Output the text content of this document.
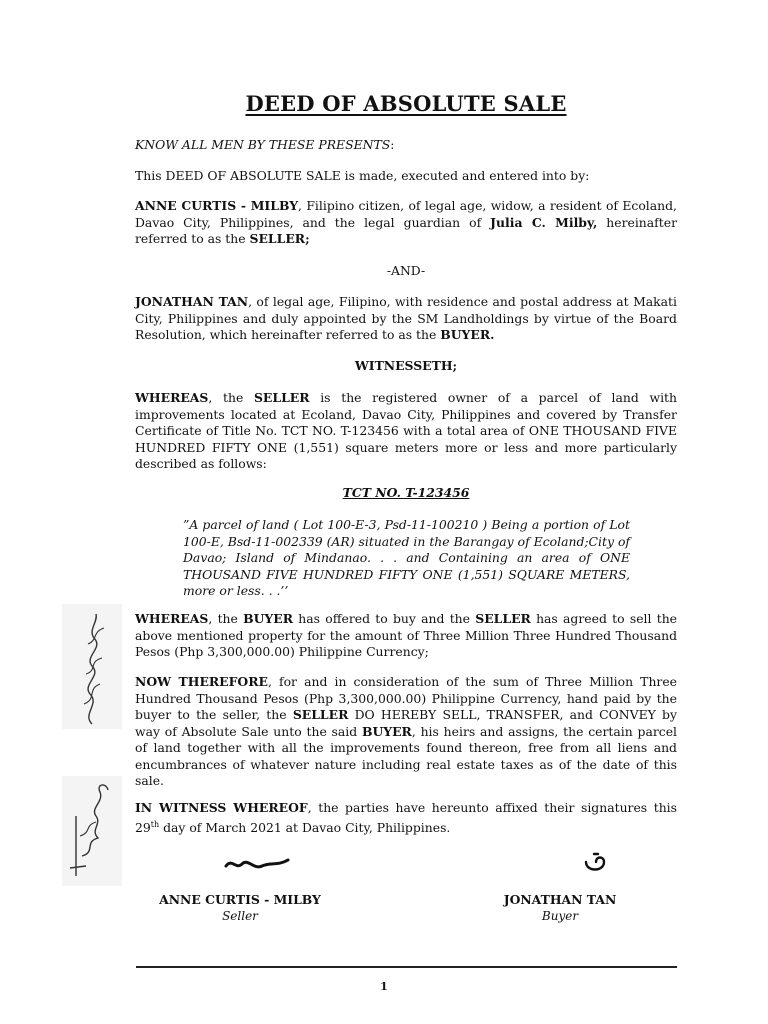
DEED OF ABSOLUTE SALE

KNOW ALL MEN BY THESE PRESENTS:

This DEED OF ABSOLUTE SALE is made, executed and entered into by:

ANNE CURTIS - MILBY, Filipino citizen, of legal age, widow, a resident of Ecoland, Davao City, Philippines, and the legal guardian of Julia C. Milby, hereinafter referred to as the SELLER;

-AND-

JONATHAN TAN, of legal age, Filipino, with residence and postal address at Makati City, Philippines and duly appointed by the SM Landholdings by virtue of the Board Resolution, which hereinafter referred to as the BUYER.

WITNESSETH;

WHEREAS, the SELLER is the registered owner of a parcel of land with improvements located at Ecoland, Davao City, Philippines and covered by Transfer Certificate of Title No. TCT NO. T-123456 with a total area of ONE THOUSAND FIVE HUNDRED FIFTY ONE (1,551) square meters more or less and more particularly described as follows:

TCT NO. T-123456

”A parcel of land ( Lot 100-E-3, Psd-11-100210 ) Being a portion of Lot 100-E, Bsd-11-002339 (AR) situated in the Barangay of Ecoland;City of Davao; Island of Mindanao. . . and Containing an area of ONE THOUSAND FIVE HUNDRED FIFTY ONE (1,551) SQUARE METERS, more or less. . .’’

WHEREAS, the BUYER has offered to buy and the SELLER has agreed to sell the above mentioned property for the amount of Three Million Three Hundred Thousand Pesos (Php 3,300,000.00) Philippine Currency;

NOW THEREFORE, for and in consideration of the sum of Three Million Three Hundred Thousand Pesos (Php 3,300,000.00) Philippine Currency, hand paid by the buyer to the seller, the SELLER DO HEREBY SELL, TRANSFER, and CONVEY by way of Absolute Sale unto the said BUYER, his heirs and assigns, the certain parcel of land together with all the improvements found thereon, free from all liens and encumbrances of whatever nature including real estate taxes as of the date of this sale.

IN WITNESS WHEREOF, the parties have hereunto affixed their signatures this 29th day of March 2021 at Davao City, Philippines.

ANNE CURTIS - MILBY
Seller
JONATHAN TAN
Buyer
1
